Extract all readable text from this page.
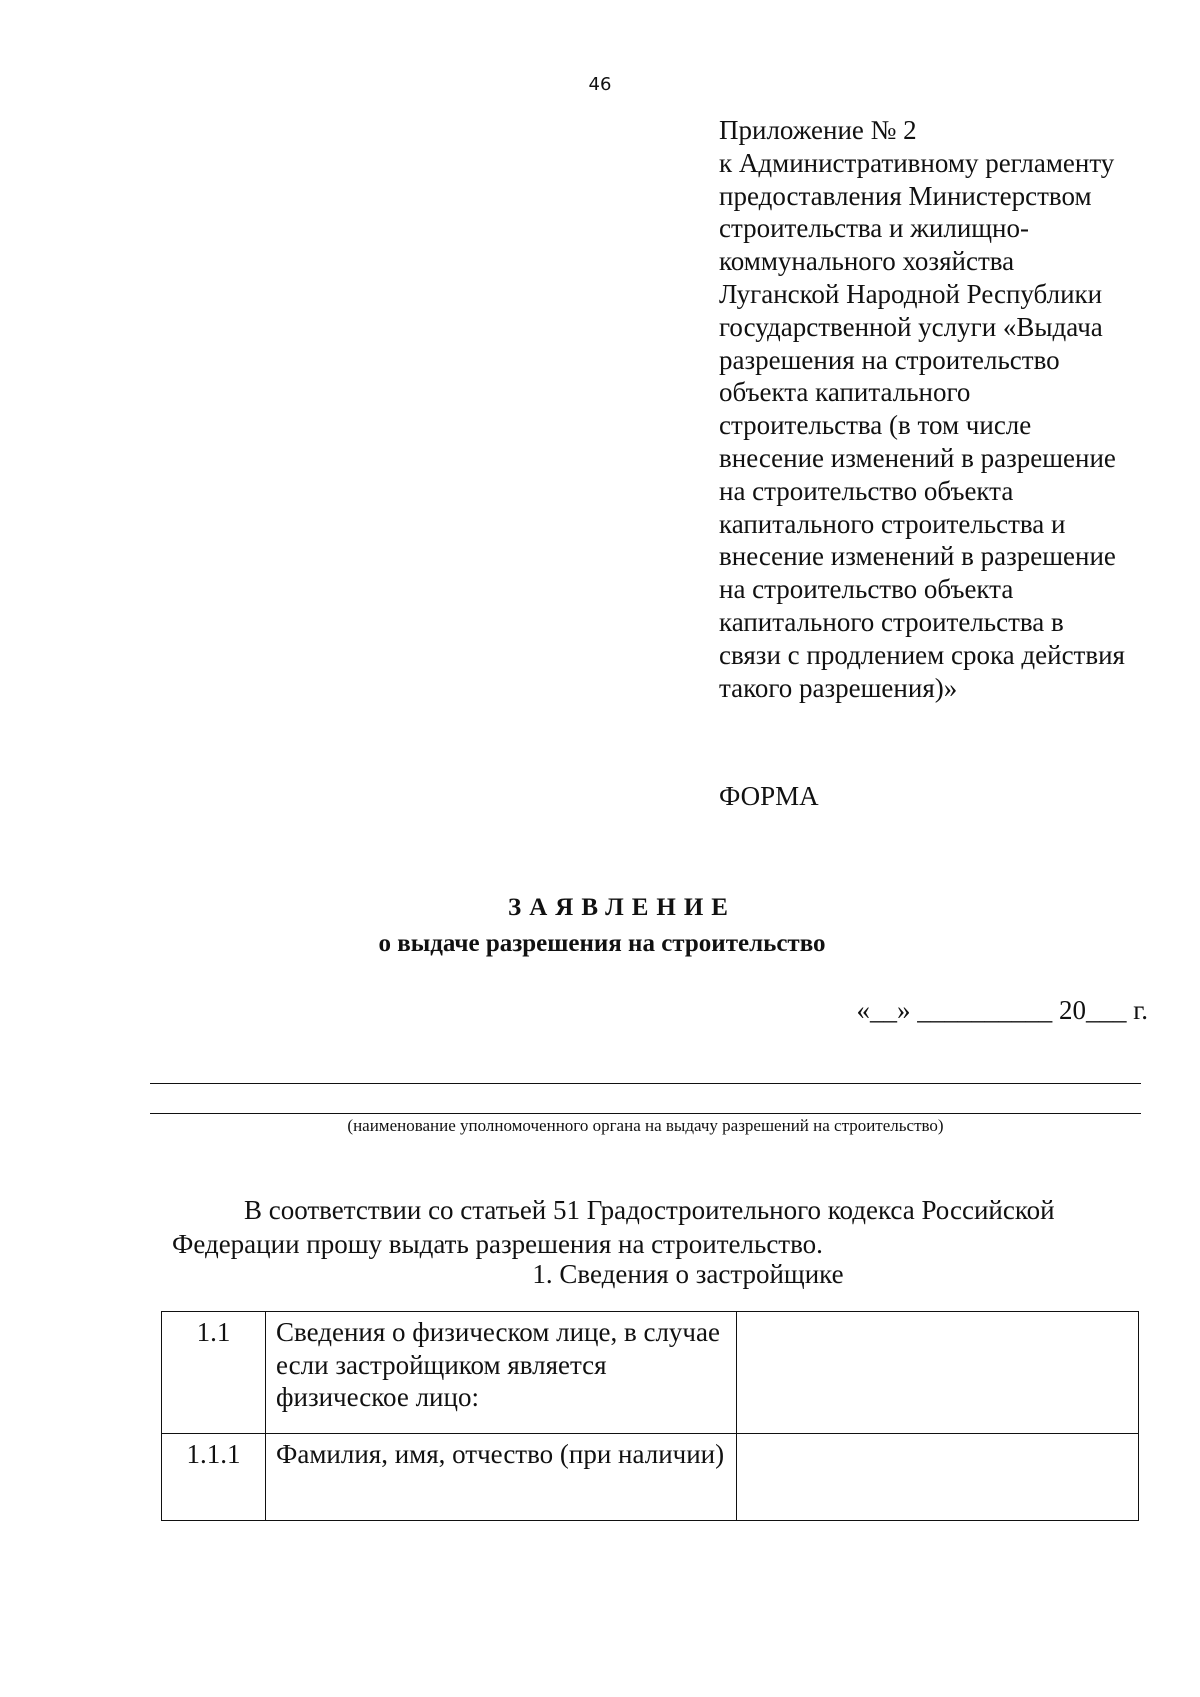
46
Приложение № 2
к Административному регламенту
предоставления Министерством
строительства и жилищно-
коммунального хозяйства
Луганской Народной Республики
государственной услуги «Выдача
разрешения на строительство
объекта капитального
строительства (в том числе
внесение изменений в разрешение
на строительство объекта
капитального строительства и
внесение изменений в разрешение
на строительство объекта
капитального строительства в
связи с продлением срока действия
такого разрешения)»
ФОРМА
ЗАЯВЛЕНИЕ
о выдаче разрешения на строительство
«__» __________ 20___ г.
(наименование уполномоченного органа на выдачу разрешений на строительство)
В соответствии со статьей 51 Градостроительного кодекса Российской
Федерации прошу выдать разрешения на строительство.
1. Сведения о застройщике
1.1	Сведения о физическом лице, в случае если застройщиком является физическое лицо:	
1.1.1	Фамилия, имя, отчество (при наличии)	
